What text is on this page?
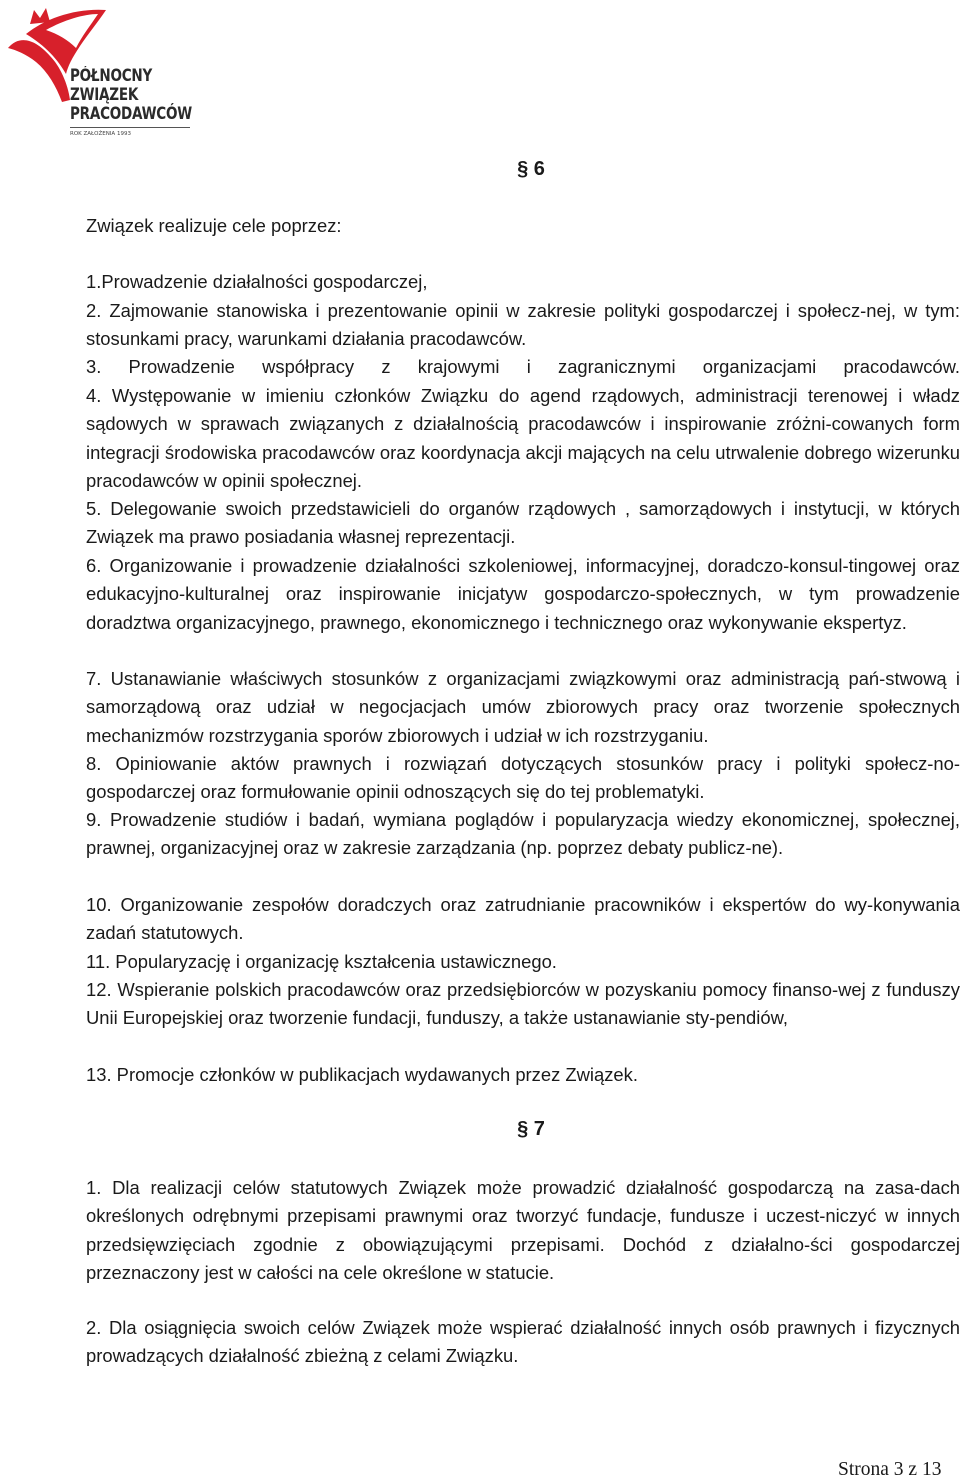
PÓŁNOCNY
ZWIĄZEK
PRACODAWCÓW
ROK ZAŁOŻENIA 1993
§ 6
Związek realizuje cele poprzez:
1.Prowadzenie działalności gospodarczej,
2. Zajmowanie stanowiska i prezentowanie opinii w zakresie polityki gospodarczej i społecz-nej, w tym: stosunkami pracy, warunkami działania pracodawców.
3. Prowadzenie współpracy z krajowymi i zagranicznymi organizacjami pracodawców.
4. Występowanie w imieniu członków Związku do agend rządowych, administracji terenowej i władz sądowych w sprawach związanych z działalnością pracodawców i inspirowanie zróżni-cowanych form integracji środowiska pracodawców oraz koordynacja akcji mających na celu utrwalenie dobrego wizerunku pracodawców w opinii społecznej.
5. Delegowanie swoich przedstawicieli do organów rządowych , samorządowych i instytucji, w których Związek ma prawo posiadania własnej reprezentacji.
6. Organizowanie i prowadzenie działalności szkoleniowej, informacyjnej, doradczo-konsul-tingowej oraz edukacyjno-kulturalnej oraz inspirowanie inicjatyw gospodarczo-społecznych, w tym prowadzenie doradztwa organizacyjnego, prawnego, ekonomicznego i technicznego oraz wykonywanie ekspertyz.
7. Ustanawianie właściwych stosunków z organizacjami związkowymi oraz administracją pań-stwową i samorządową oraz udział w negocjacjach umów zbiorowych pracy oraz tworzenie społecznych mechanizmów rozstrzygania sporów zbiorowych i udział w ich rozstrzyganiu.
8. Opiniowanie aktów prawnych i rozwiązań dotyczących stosunków pracy i polityki społecz-no-gospodarczej oraz formułowanie opinii odnoszących się do tej problematyki.
9. Prowadzenie studiów i badań, wymiana poglądów i popularyzacja wiedzy ekonomicznej, społecznej, prawnej, organizacyjnej oraz w zakresie zarządzania (np. poprzez debaty publicz-ne).
10. Organizowanie zespołów doradczych oraz zatrudnianie pracowników i ekspertów do wy-konywania zadań statutowych.
11. Popularyzację i organizację kształcenia ustawicznego.
12. Wspieranie polskich pracodawców oraz przedsiębiorców w pozyskaniu pomocy finanso-wej z funduszy Unii Europejskiej oraz tworzenie fundacji, funduszy, a także ustanawianie sty-pendiów,
13. Promocje członków w publikacjach wydawanych przez Związek.
§ 7
1. Dla realizacji celów statutowych Związek może prowadzić działalność gospodarczą na zasa-dach określonych odrębnymi przepisami prawnymi oraz tworzyć fundacje, fundusze i uczest-niczyć w innych przedsięwzięciach zgodnie z obowiązującymi przepisami. Dochód z działalno-ści gospodarczej przeznaczony jest w całości na cele określone w statucie.
2. Dla osiągnięcia swoich celów Związek może wspierać działalność innych osób prawnych i fizycznych prowadzących działalność zbieżną z celami Związku.
Strona 3 z 13
